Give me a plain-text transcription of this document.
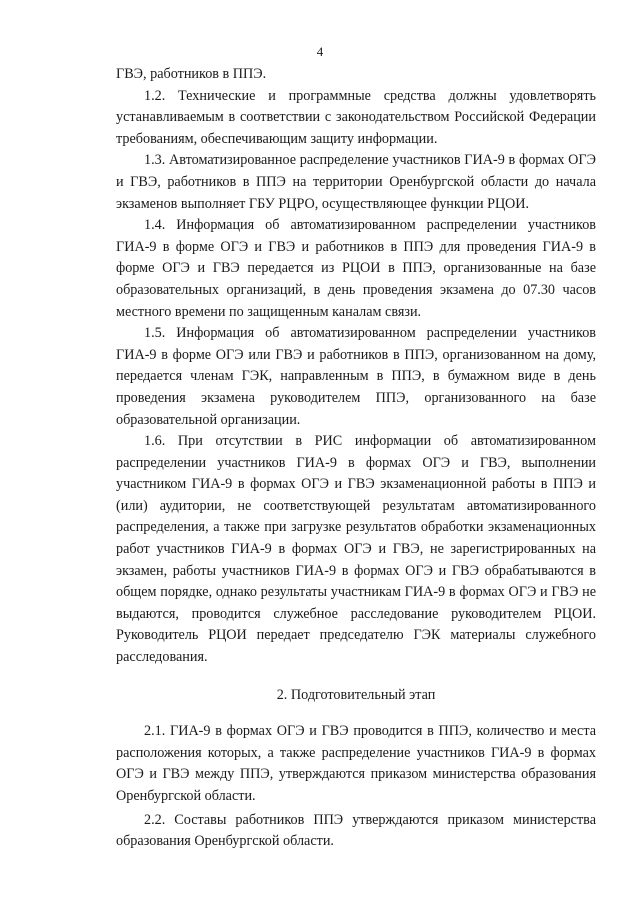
4

ГВЭ, работников в ППЭ.

1.2. Технические и программные средства должны удовлетворять устанавливаемым в соответствии с законодательством Российской Федерации требованиям, обеспечивающим защиту информации.

1.3. Автоматизированное распределение участников ГИА-9 в формах ОГЭ и ГВЭ, работников в ППЭ на территории Оренбургской области до начала экзаменов выполняет ГБУ РЦРО, осуществляющее функции РЦОИ.

1.4. Информация об автоматизированном распределении участников ГИА-9 в форме ОГЭ и ГВЭ и работников в ППЭ для проведения ГИА-9 в форме ОГЭ и ГВЭ передается из РЦОИ в ППЭ, организованные на базе образовательных организаций, в день проведения экзамена до 07.30 часов местного времени по защищенным каналам связи.

1.5. Информация об автоматизированном распределении участников ГИА-9 в форме ОГЭ или ГВЭ и работников в ППЭ, организованном на дому, передается членам ГЭК, направленным в ППЭ, в бумажном виде в день проведения экзамена руководителем ППЭ, организованного на базе образовательной организации.

1.6. При отсутствии в РИС информации об автоматизированном распределении участников ГИА-9 в формах ОГЭ и ГВЭ, выполнении участником ГИА-9 в формах ОГЭ и ГВЭ экзаменационной работы в ППЭ и (или) аудитории, не соответствующей результатам автоматизированного распределения, а также при загрузке результатов обработки экзаменационных работ участников ГИА-9 в формах ОГЭ и ГВЭ, не зарегистрированных на экзамен, работы участников ГИА-9 в формах ОГЭ и ГВЭ обрабатываются в общем порядке, однако результаты участникам ГИА-9 в формах ОГЭ и ГВЭ не выдаются, проводится служебное расследование руководителем РЦОИ. Руководитель РЦОИ передает председателю ГЭК материалы служебного расследования.

2. Подготовительный этап

2.1. ГИА-9 в формах ОГЭ и ГВЭ проводится в ППЭ, количество и места расположения которых, а также распределение участников ГИА-9 в формах ОГЭ и ГВЭ между ППЭ, утверждаются приказом министерства образования Оренбургской области.

2.2. Составы работников ППЭ утверждаются приказом министерства образования Оренбургской области.
